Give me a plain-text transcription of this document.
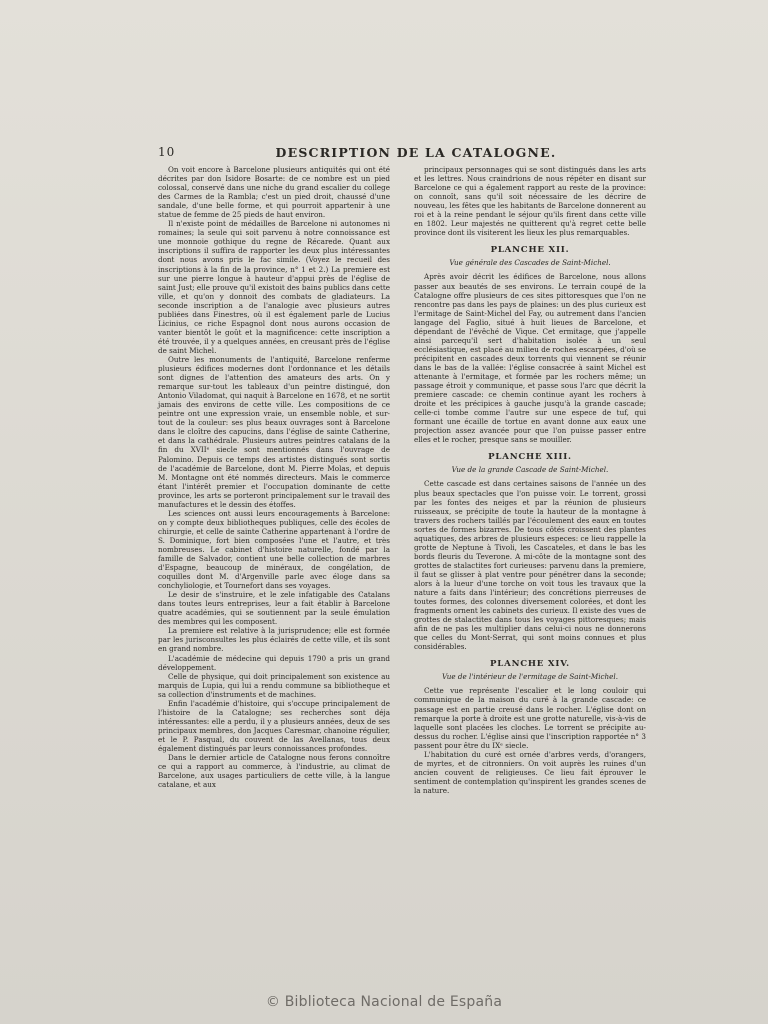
10	DESCRIPTION DE LA CATALOGNE.

On voit encore à Barcelone plusieurs antiquités qui ont été décrites par don Isidore Bosarte: de ce nombre est un pied colossal, conservé dans une niche du grand escalier du college des Carmes de la Rambla; c'est un pied droit, chaussé d'une sandale, d'une belle forme, et qui pourroit appartenir à une statue de femme de 25 pieds de haut environ.

Il n'existe point de médailles de Barcelone ni autonomes ni romaines; la seule qui soit parvenu à notre connoissance est une monnoie gothique du regne de Récarede. Quant aux inscriptions il suffira de rapporter les deux plus intéressantes dont nous avons pris le fac simile. (Voyez le recueil des inscriptions à la fin de la province, n° 1 et 2.) La premiere est sur une pierre longue à hauteur d'appui près de l'église de saint Just; elle prouve qu'il existoit des bains publics dans cette ville, et qu'on y donnoit des combats de gladiateurs. La seconde inscription a de l'analogie avec plusieurs autres publiées dans Finestres, où il est également parle de Lucius Licinius, ce riche Espagnol dont nous aurons occasion de vanter bientôt le goût et la magnificence: cette inscription a été trouvée, il y a quelques années, en creusant près de l'église de saint Michel.

Outre les monuments de l'antiquité, Barcelone renferme plusieurs édifices modernes dont l'ordonnance et les détails sont dignes de l'attention des amateurs des arts. On y remarque sur-tout les tableaux d'un peintre distingué, don Antonio Viladomat, qui naquit à Barcelone en 1678, et ne sortit jamais des environs de cette ville. Les compositions de ce peintre ont une expression vraie, un ensemble noble, et sur-tout de la couleur: ses plus beaux ouvrages sont à Barcelone dans le cloître des capucins, dans l'église de sainte Catherine, et dans la cathédrale. Plusieurs autres peintres catalans de la fin du XVIIᵉ siecle sont mentionnés dans l'ouvrage de Palomino. Depuis ce temps des artistes distingués sont sortis de l'académie de Barcelone, dont M. Pierre Molas, et depuis M. Montagne ont été nommés directeurs. Mais le commerce étant l'intérêt premier et l'occupation dominante de cette province, les arts se porteront principalement sur le travail des manufactures et le dessin des étoffes.

Les sciences ont aussi leurs encouragements à Barcelone: on y compte deux bibliotheques publiques, celle des écoles de chirurgie, et celle de sainte Catherine appartenant à l'ordre de S. Dominique, fort bien composées l'une et l'autre, et très nombreuses. Le cabinet d'histoire naturelle, fondé par la famille de Salvador, contient une belle collection de marbres d'Espagne, beaucoup de minéraux, de congélation, de coquilles dont M. d'Argenville parle avec éloge dans sa conchyliologie, et Tournefort dans ses voyages.

Le desir de s'instruire, et le zele infatigable des Catalans dans toutes leurs entreprises, leur a fait établir à Barcelone quatre académies, qui se soutiennent par la seule émulation des membres qui les composent.

La premiere est relative à la jurisprudence; elle est formée par les jurisconsultes les plus éclairés de cette ville, et ils sont en grand nombre.

L'académie de médecine qui depuis 1790 a pris un grand développement.

Celle de physique, qui doit principalement son existence au marquis de Lupia, qui lui a rendu commune sa bibliotheque et sa collection d'instruments et de machines.

Enfin l'académie d'histoire, qui s'occupe principalement de l'histoire de la Catalogne; ses recherches sont déja intéressantes: elle a perdu, il y a plusieurs années, deux de ses principaux membres, don Jacques Caresmar, chanoine régulier, et le P. Pasqual, du couvent de las Avellanas, tous deux également distingués par leurs connoissances profondes.

Dans le dernier article de Catalogne nous ferons connoître ce qui a rapport au commerce, à l'industrie, au climat de Barcelone, aux usages particuliers de cette ville, à la langue catalane, et aux

principaux personnages qui se sont distingués dans les arts et les lettres. Nous craindrions de nous répéter en disant sur Barcelone ce qui a également rapport au reste de la province: on connoît, sans qu'il soit nécessaire de les décrire de nouveau, les fêtes que les habitants de Barcelone donnerent au roi et à la reine pendant le séjour qu'ils firent dans cette ville en 1802. Leur majestés ne quitterent qu'à regret cette belle province dont ils visiterent les lieux les plus remarquables.

PLANCHE XII.
Vue générale des Cascades de Saint-Michel.

Après avoir décrit les édifices de Barcelone, nous allons passer aux beautés de ses environs. Le terrain coupé de la Catalogne offre plusieurs de ces sites pittoresques que l'on ne rencontre pas dans les pays de plaines: un des plus curieux est l'ermitage de Saint-Michel del Fay, ou autrement dans l'ancien langage del Faglio, situé à huit lieues de Barcelone, et dépendant de l'évêché de Vique. Cet ermitage, que j'appelle ainsi parcequ'il sert d'habitation isolée à un seul ecclésiastique, est placé au milieu de roches escarpées, d'où se précipitent en cascades deux torrents qui viennent se réunir dans le bas de la vallée: l'église consacrée à saint Michel est attenante à l'ermitage, et formée par les rochers même; un passage étroit y communique, et passe sous l'arc que décrit la premiere cascade: ce chemin continue ayant les rochers à droite et les précipices à gauche jusqu'à la grande cascade; celle-ci tombe comme l'autre sur une espece de tuf, qui formant une écaille de tortue en avant donne aux eaux une projection assez avancée pour que l'on puisse passer entre elles et le rocher, presque sans se mouiller.

PLANCHE XIII.
Vue de la grande Cascade de Saint-Michel.

Cette cascade est dans certaines saisons de l'année un des plus beaux spectacles que l'on puisse voir. Le torrent, grossi par les fontes des neiges et par la réunion de plusieurs ruisseaux, se précipite de toute la hauteur de la montagne à travers des rochers taillés par l'écoulement des eaux en toutes sortes de formes bizarres. De tous côtés croissent des plantes aquatiques, des arbres de plusieurs especes: ce lieu rappelle la grotte de Neptune à Tivoli, les Cascateles, et dans le bas les bords fleuris du Teverone. A mi-côte de la montagne sont des grottes de stalactites fort curieuses: parvenu dans la premiere, il faut se glisser à plat ventre pour pénétrer dans la seconde; alors à la lueur d'une torche on voit tous les travaux que la nature a faits dans l'intérieur; des concrétions pierreuses de toutes formes, des colonnes diversement colorées, et dont les fragments ornent les cabinets des curieux. Il existe des vues de grottes de stalactites dans tous les voyages pittoresques; mais afin de ne pas les multiplier dans celui-ci nous ne donnerons que celles du Mont-Serrat, qui sont moins connues et plus considérables.

PLANCHE XIV.
Vue de l'intérieur de l'ermitage de Saint-Michel.

Cette vue représente l'escalier et le long couloir qui communique de la maison du curé à la grande cascade: ce passage est en partie creusé dans le rocher. L'église dont on remarque la porte à droite est une grotte naturelle, vis-à-vis de laquelle sont placées les cloches. Le torrent se précipite au-dessus du rocher. L'église ainsi que l'inscription rapportée n° 3 passent pour être du IXᵉ siecle.

L'habitation du curé est ornée d'arbres verds, d'orangers, de myrtes, et de citronniers. On voit auprès les ruines d'un ancien couvent de religieuses. Ce lieu fait éprouver le sentiment de contemplation qu'inspirent les grandes scenes de la nature.

© Biblioteca Nacional de España
